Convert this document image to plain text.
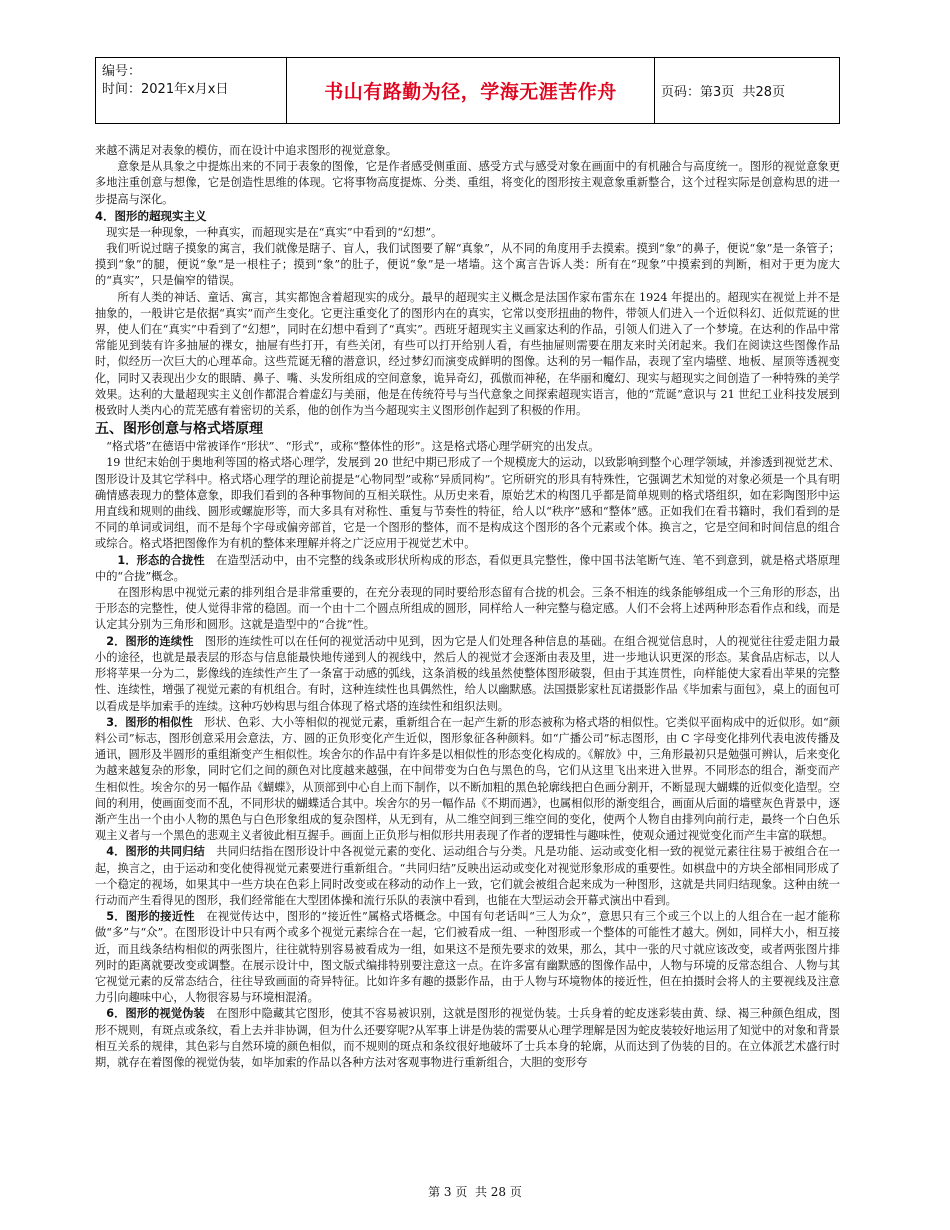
编号：
时间：2021年x月x日	书山有路勤为径，学海无涯苦作舟	页码：第3页  共28页

来越不满足对表象的模仿，而在设计中追求图形的视觉意象。

意象是从具象之中提炼出来的不同于表象的图像，它是作者感受侧重面、感受方式与感受对象在画面中的有机融合与高度统一。图形的视觉意象更多地注重创意与想像，它是创造性思维的体现。它将事物高度提炼、分类、重组，将变化的图形按主观意象重新整合，这个过程实际是创意构思的进一步提高与深化。

4．图形的超现实主义

现实是一种现象，一种真实，而超现实是在“真实”中看到的“幻想”。

我们听说过瞎子摸象的寓言，我们就像是瞎子、盲人，我们试图要了解“真象”，从不同的角度用手去摸索。摸到“象”的鼻子，便说“象”是一条管子；摸到“象”的腿，便说“象”是一根柱子；摸到“象”的肚子，便说“象”是一堵墙。这个寓言告诉人类：所有在“现象”中摸索到的判断，相对于更为庞大的“真实”，只是偏窄的错误。

所有人类的神话、童话、寓言，其实都饱含着超现实的成分。最早的超现实主义概念是法国作家布雷东在 1924 年提出的。超现实在视觉上并不是抽象的，一般讲它是依据“真实”而产生变化。它更注重变化了的图形内在的真实，它常以变形扭曲的物件，带领人们进入一个近似科幻、近似荒诞的世界，使人们在“真实”中看到了“幻想”，同时在幻想中看到了“真实”。西班牙超现实主义画家达利的作品，引领人们进入了一个梦境。在达利的作品中常常能见到装有许多抽屉的裸女，抽屉有些打开，有些关闭，有些可以打开给别人看，有些抽屉则需要在朋友来时关闭起来。我们在阅读这些图像作品时，似经历一次巨大的心理革命。这些荒诞无稽的潜意识，经过梦幻而演变成鲜明的图像。达利的另一幅作品，表现了室内墙壁、地板、屋顶等透视变化，同时又表现出少女的眼睛、鼻子、嘴、头发所组成的空间意象，诡异奇幻，孤傲而神秘，在华丽和魔幻、现实与超现实之间创造了一种特殊的美学效果。达利的大量超现实主义创作都混合着虚幻与美丽，他是在传统符号与当代意象之间探索超现实语言，他的“荒诞”意识与 21 世纪工业科技发展到极致时人类内心的荒芜感有着密切的关系，他的创作为当今超现实主义图形创作起到了积极的作用。

五、图形创意与格式塔原理

“格式塔”在德语中常被译作“形状”、“形式”，或称“整体性的形”。这是格式塔心理学研究的出发点。

19 世纪末始创于奥地利等国的格式塔心理学，发展到 20 世纪中期已形成了一个规模庞大的运动，以致影响到整个心理学领域，并渗透到视觉艺术、图形设计及其它学科中。格式塔心理学的理论前提是“心物同型”或称“异质同构”。它所研究的形具有特殊性，它强调艺术知觉的对象必须是一个具有明确情感表现力的整体意象，即我们看到的各种事物间的互相关联性。从历史来看，原始艺术的构图几乎都是简单规则的格式塔组织，如在彩陶图形中运用直线和规则的曲线、圆形或螺旋形等，而大多具有对称性、重复与节奏性的特征，给人以“秩序”感和“整体”感。正如我们在看书籍时，我们看到的是不同的单词或词组，而不是每个字母或偏旁部首，它是一个图形的整体，而不是构成这个图形的各个元素或个体。换言之，它是空间和时间信息的组合或综合。格式塔把图像作为有机的整体来理解并将之广泛应用于视觉艺术中。

1．形态的合拢性　 在造型活动中，由不完整的线条或形状所构成的形态，看似更具完整性，像中国书法笔断气连、笔不到意到，就是格式塔原理中的“合拢”概念。

在图形构思中视觉元素的排列组合是非常重要的，在充分表现的同时要给形态留有合拢的机会。三条不相连的线条能够组成一个三角形的形态，出于形态的完整性，使人觉得非常的稳固。而一个由十二个圆点所组成的圆形，同样给人一种完整与稳定感。人们不会将上述两种形态看作点和线，而是认定其分别为三角形和圆形。这就是造型中的“合拢”性。

2．图形的连续性　 图形的连续性可以在任何的视觉活动中见到，因为它是人们处理各种信息的基础。在组合视觉信息时，人的视觉往往爱走阻力最小的途径，也就是最表层的形态与信息能最快地传递到人的视线中，然后人的视觉才会逐渐由表及里，进一步地认识更深的形态。某食品店标志，以人形将苹果一分为二，影像线的连续性产生了一条富于动感的弧线，这条消极的线虽然使整体图形破裂，但由于其连贯性，向样能使大家看出苹果的完整性、连续性，增强了视觉元素的有机组合。有时，这种连续性也具偶然性，给人以幽默感。法国摄影家杜瓦诺摄影作品《毕加索与面包》，桌上的面包可以看成是毕加索手的连续。这种巧妙构思与组合体现了格式塔的连续性和组织法则。

3．图形的相似性　 形状、色彩、大小等相似的视觉元素，重新组合在一起产生新的形态被称为格式塔的相似性。它类似平面构成中的近似形。如“颜料公司”标志，图形创意采用会意法，方、圆的正负形变化产生近似，图形象征各种颜料。如“广播公司”标志图形，由 C 字母变化排列代表电波传播及通讯，圆形及半圆形的重组渐变产生相似性。埃舍尔的作品中有许多是以相似性的形态变化构成的。《解放》中，三角形最初只是勉强可辨认，后来变化为越来越复杂的形象，同时它们之间的颜色对比度越来越强，在中间带变为白色与黑色的鸟，它们从这里飞出来进入世界。不同形态的组合，渐变而产生相似性。埃舍尔的另一幅作品《蝴蝶》，从顶部到中心自上而下制作，以不断加粗的黑色轮廓线把白色画分割开，不断显现大蝴蝶的近似变化造型。空间的利用，使画面变而不乱，不同形状的蝴蝶适合其中。埃舍尔的另一幅作品《不期而遇》，也属相似形的渐变组合，画面从后面的墙壁灰色背景中，逐渐产生出一个由小人物的黑色与白色形象组成的复杂图样，从无到有，从二维空间到三维空间的变化，使两个人物自由排列向前行走，最终一个白色乐观主义者与一个黑色的悲观主义者彼此相互握手。画面上正负形与相似形共用表现了作者的逻辑性与趣味性，使观众通过视觉变化而产生丰富的联想。

4．图形的共同归结　 共同归结指在图形设计中各视觉元素的变化、运动组合与分类。凡是功能、运动或变化相一致的视觉元素往往易于被组合在一起，换言之，由于运动和变化使得视觉元素要进行重新组合。“共同归结”反映出运动或变化对视觉形象形成的重要性。如棋盘中的方块全部相同形成了一个稳定的视场，如果其中一些方块在色彩上同时改变或在移动的动作上一致，它们就会被组合起来成为一种图形，这就是共同归结现象。这种由统一行动而产生看得见的图形，我们经常能在大型团体操和流行乐队的表演中看到，也能在大型运动会开幕式演出中看到。

5．图形的接近性　 在视觉传达中，图形的“接近性”属格式塔概念。中国有句老话叫“三人为众”，意思只有三个或三个以上的人组合在一起才能称做“多”与“众”。在图形设计中只有两个或多个视觉元素综合在一起，它们被看成一组、一种图形或一个整体的可能性才越大。例如，同样大小，相互接近，而且线条结构相似的两张图片，往往就特别容易被看成为一组，如果这不是预先要求的效果，那么，其中一张的尺寸就应该改变，或者两张图片排列时的距离就要改变或调整。在展示设计中，图文版式编排特别要注意这一点。在许多富有幽默感的图像作品中，人物与环境的反常态组合、人物与其它视觉元素的反常态结合，往往导致画面的奇异特征。比如许多有趣的摄影作品，由于人物与环境物体的接近性，但在拍摄时会将人的主要视线及注意力引向趣味中心，人物很容易与环境相混淆。

6．图形的视觉伪装　 在图形中隐藏其它图形，使其不容易被识别，这就是图形的视觉伪装。士兵身着的蛇皮迷彩装由黄、绿、褐三种颜色组成，图形不规则，有斑点或条纹，看上去并非协调，但为什么还要穿呢?从军事上讲是伪装的需要从心理学理解是因为蛇皮装较好地运用了知觉中的对象和背景相互关系的规律，其色彩与自然环境的颜色相似，而不规则的斑点和条纹很好地破坏了士兵本身的轮廓，从而达到了伪装的目的。在立体派艺术盛行时期，就存在着图像的视觉伪装，如毕加索的作品以各种方法对客观事物进行重新组合，大胆的变形夸

第 3 页  共 28 页
